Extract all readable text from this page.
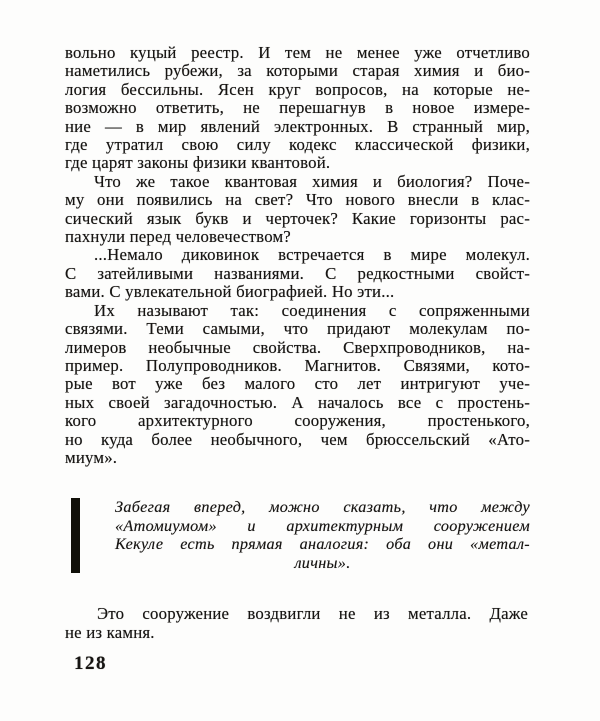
вольно куцый реестр. И тем не менее уже отчетливо
наметились рубежи, за которыми старая химия и био-
логия бессильны. Ясен круг вопросов, на которые не-
возможно ответить, не перешагнув в новое измере-
ние — в мир явлений электронных. В странный мир,
где утратил свою силу кодекс классической физики,
где царят законы физики квантовой.
Что же такое квантовая химия и биология? Поче-
му они появились на свет? Что нового внесли в клас-
сический язык букв и черточек? Какие горизонты рас-
пахнули перед человечеством?
...Немало диковинок встречается в мире молекул.
С затейливыми названиями. С редкостными свойст-
вами. С увлекательной биографией. Но эти...
Их называют так: соединения с сопряженными
связями. Теми самыми, что придают молекулам по-
лимеров необычные свойства. Сверхпроводников, на-
пример. Полупроводников. Магнитов. Связями, кото-
рые вот уже без малого сто лет интригуют уче-
ных своей загадочностью. А началось все с простень-
кого архитектурного сооружения, простенького,
но куда более необычного, чем брюссельский «Ато-
миум».
Забегая вперед, можно сказать, что между
«Атомиумом» и архитектурным сооружением
Кекуле есть прямая аналогия: оба они «метал-
личны».
Это сооружение воздвигли не из металла. Даже
не из камня.
128
